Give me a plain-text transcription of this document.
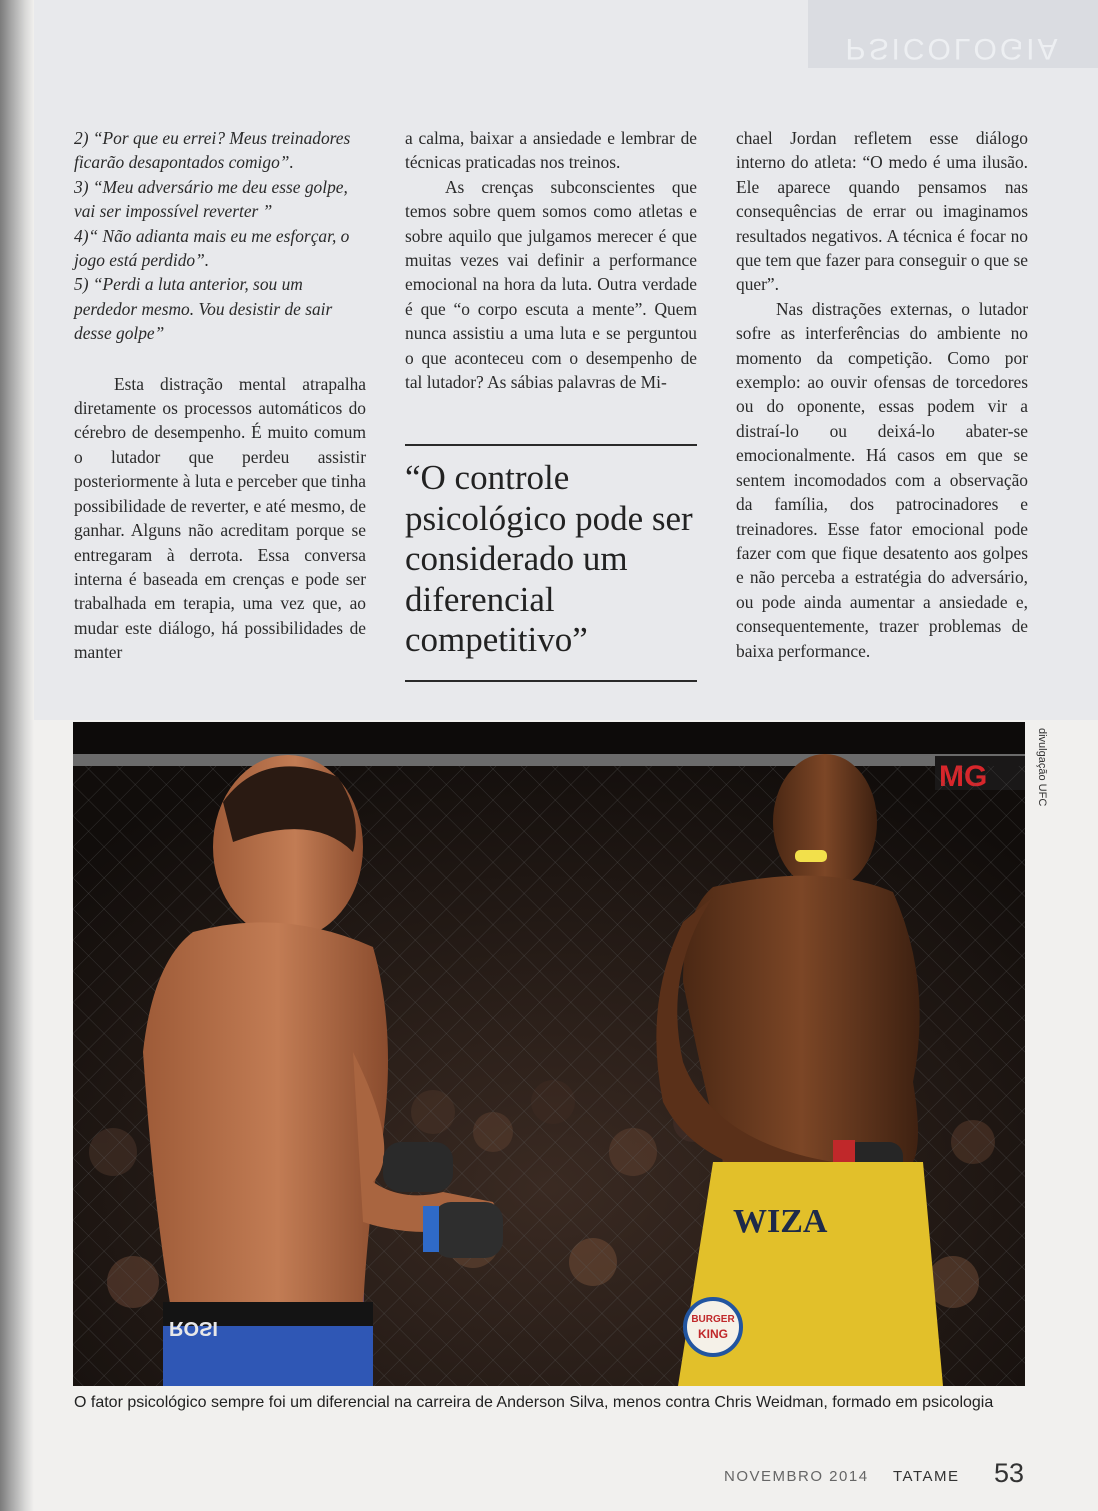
PSICOLOGIA

2) “Por que eu errei? Meus treinadores ficarão desapontados comigo”.

3) “Meu adversário me deu esse golpe, vai ser impossível reverter ”

4)“ Não adianta mais eu me esforçar, o jogo está perdido”.

5) “Perdi a luta anterior, sou um perdedor mesmo. Vou desistir de sair desse golpe”

Esta distração mental atrapalha diretamente os processos automáticos do cérebro de desempenho. É muito comum o lutador que perdeu assistir posteriormente à luta e perceber que tinha possibilidade de reverter, e até mesmo, de ganhar. Alguns não acreditam porque se entregaram à derrota. Essa conversa interna é baseada em crenças e pode ser trabalhada em terapia, uma vez que, ao mudar este diálogo, há possibilidades de manter

a calma, baixar a ansiedade e lembrar de técnicas praticadas nos treinos.

As crenças subconscientes que temos sobre quem somos como atletas e sobre aquilo que julgamos merecer é que muitas vezes vai definir a performance emocional na hora da luta. Outra verdade é que “o corpo escuta a mente”. Quem nunca assistiu a uma luta e se perguntou o que aconteceu com o desempenho de tal lutador? As sábias palavras de Mi-

“O controle psicológico pode ser considerado um diferencial competitivo”

chael Jordan refletem esse diálogo interno do atleta: “O medo é uma ilusão. Ele aparece quando pensamos nas consequências de errar ou imaginamos resultados negativos. A técnica é focar no que tem que fazer para conseguir o que se quer”.

Nas distrações externas, o lutador sofre as interferências do ambiente no momento da competição. Como por exemplo: ao ouvir ofensas de torcedores ou do oponente, essas podem vir a distraí-lo ou deixá-lo abater-se emocionalmente. Há casos em que se sentem incomodados com a observação da família, dos patrocinadores e treinadores. Esse fator emocional pode fazer com que fique desatento aos golpes e não perceba a estratégia do adversário, ou pode ainda aumentar a ansiedade e, consequentemente, trazer problemas de baixa performance.

ROSI
WIZA
BURGER
KING
divulgação UFC
O fator psicológico sempre foi um diferencial na carreira de Anderson Silva, menos contra Chris Weidman, formado em psicologia
NOVEMBRO 2014 TATAME 53
